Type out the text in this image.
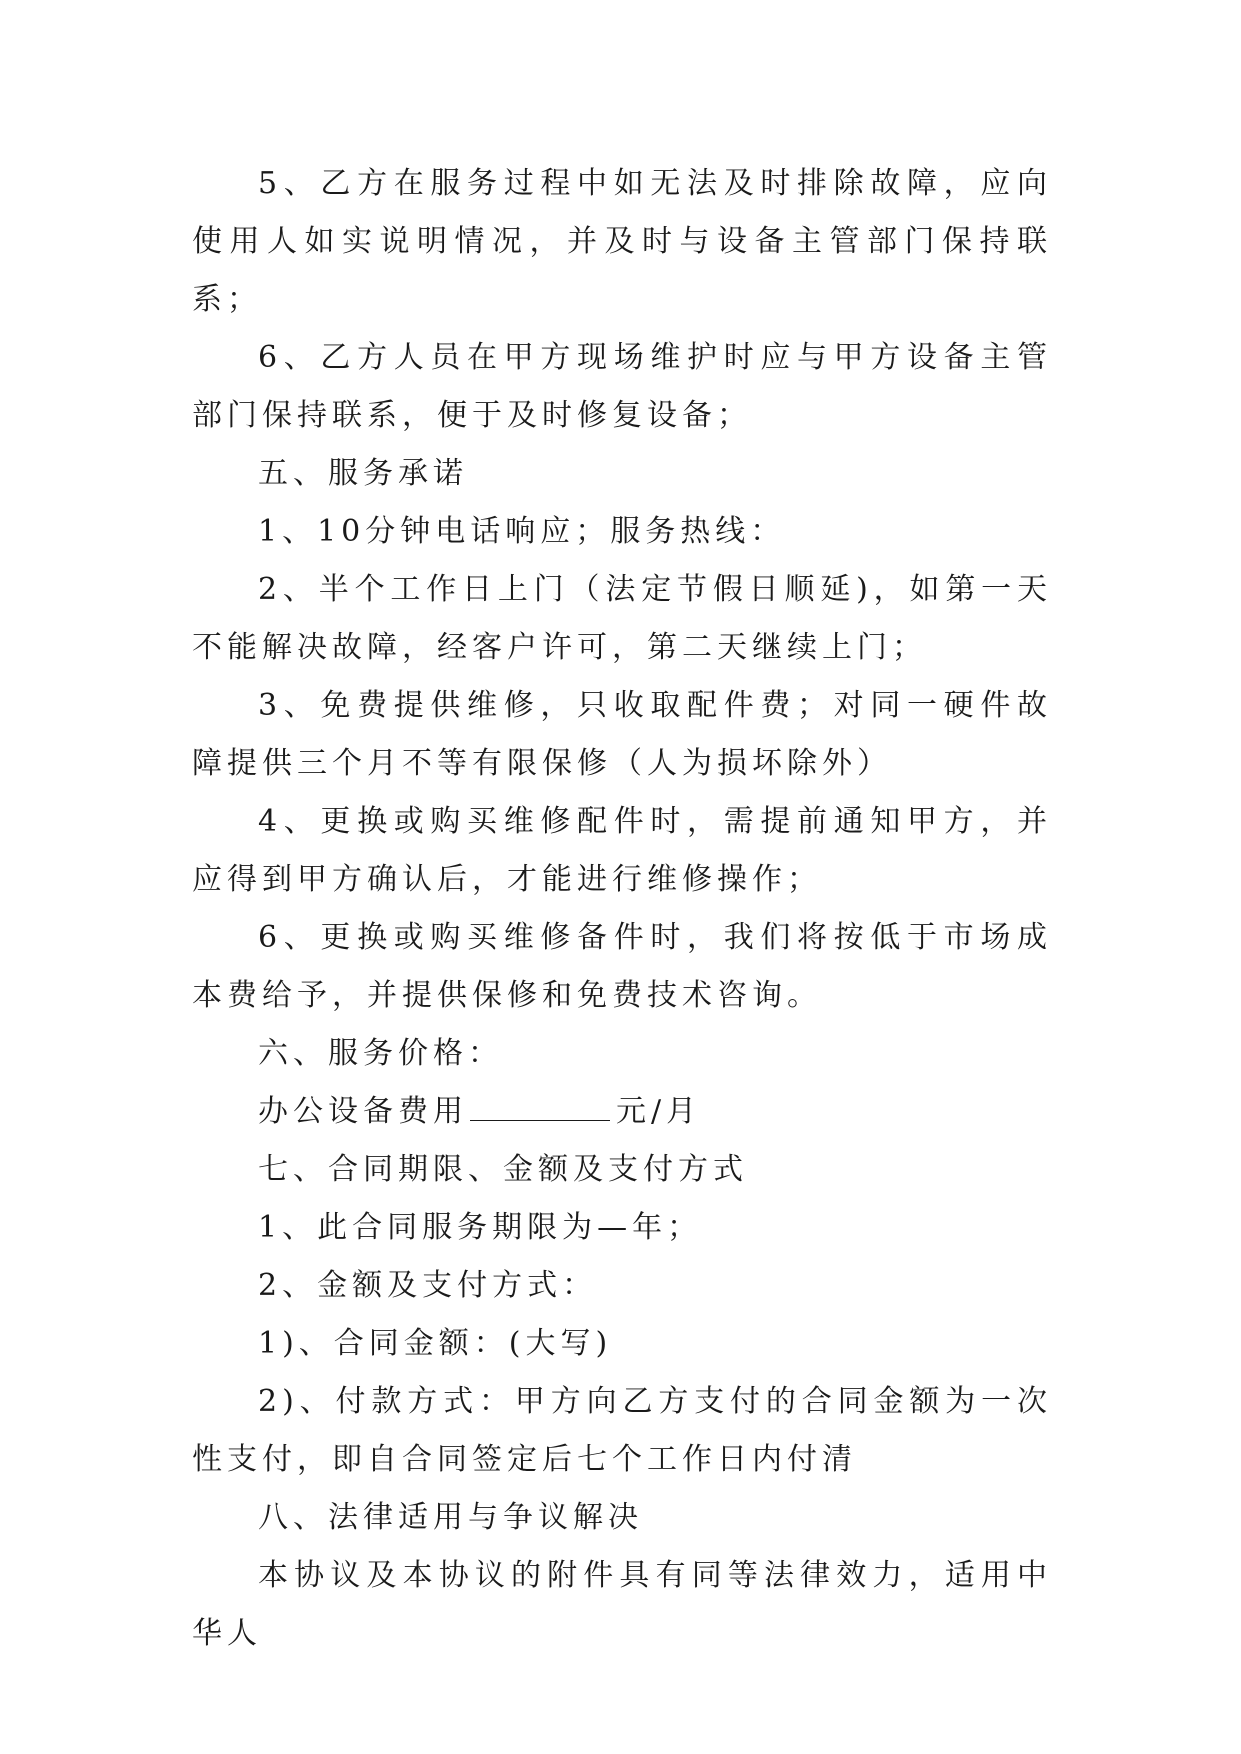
5、乙方在服务过程中如无法及时排除故障，应向使用人如实说明情况，并及时与设备主管部门保持联系；

6、乙方人员在甲方现场维护时应与甲方设备主管部门保持联系，便于及时修复设备；

五、服务承诺

1、10分钟电话响应；服务热线：

2、半个工作日上门（法定节假日顺延)，如第一天不能解决故障，经客户许可，第二天继续上门；

3、免费提供维修，只收取配件费；对同一硬件故障提供三个月不等有限保修（人为损坏除外）

4、更换或购买维修配件时，需提前通知甲方，并应得到甲方确认后，才能进行维修操作；

6、更换或购买维修备件时，我们将按低于市场成本费给予，并提供保修和免费技术咨询。

六、服务价格：

办公设备费用	元/月

七、合同期限、金额及支付方式

1、此合同服务期限为—年；

2、金额及支付方式：

1)、合同金额：(大写)

2)、付款方式：甲方向乙方支付的合同金额为一次性支付，即自合同签定后七个工作日内付清

八、法律适用与争议解决

本协议及本协议的附件具有同等法律效力，适用中华人
